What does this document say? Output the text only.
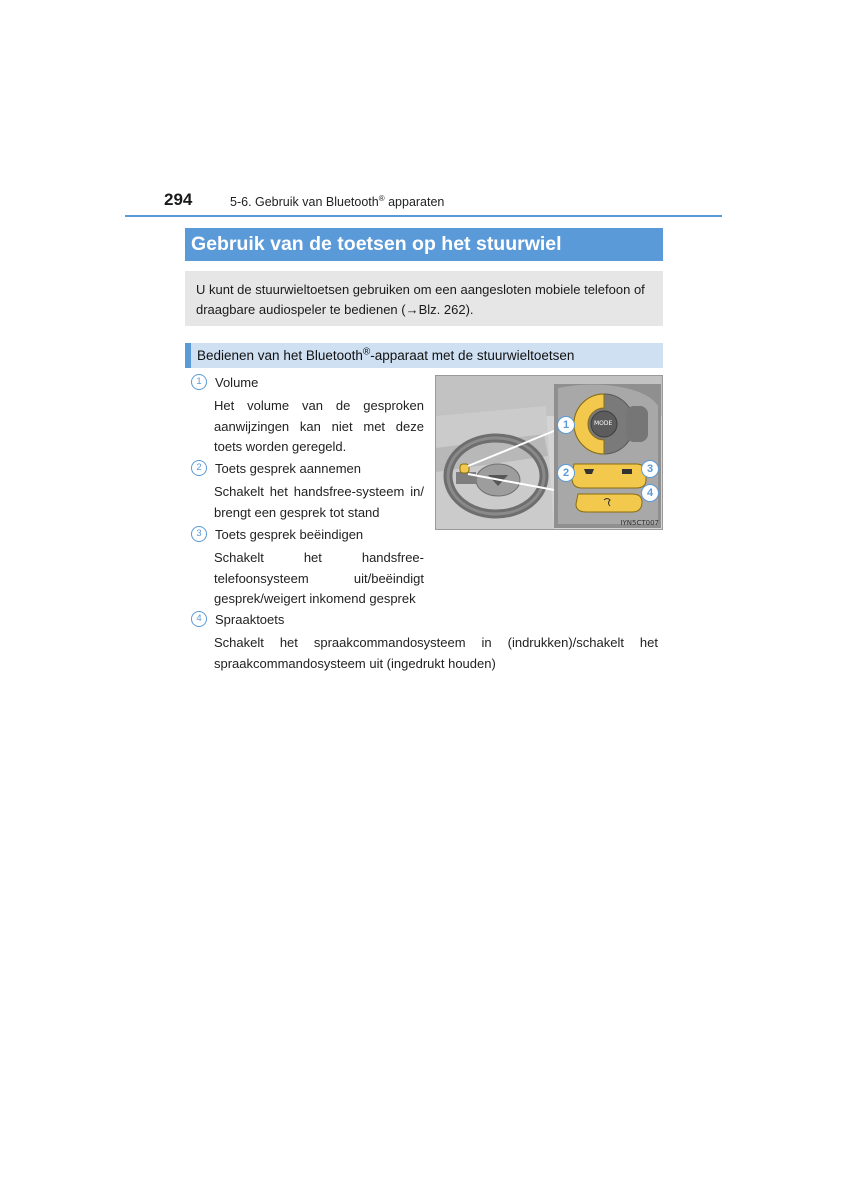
294	5-6. Gebruik van Bluetooth® apparaten
Gebruik van de toetsen op het stuurwiel
U kunt de stuurwieltoetsen gebruiken om een aangesloten mobiele telefoon of draagbare audiospeler te bedienen (→Blz. 262).
Bedienen van het Bluetooth®-apparaat met de stuurwieltoetsen
1	Volume
Het volume van de gesproken aanwijzingen kan niet met deze toets worden geregeld.
2	Toets gesprek aannemen
Schakelt het handsfree-systeem in/ brengt een gesprek tot stand
3	Toets gesprek beëindigen
Schakelt het handsfree-telefoonsysteem uit/beëindigt gesprek/weigert inkomend gesprek
4	Spraaktoets
Schakelt het spraakcommandosysteem in (indrukken)/schakelt het spraakcommandosysteem uit (ingedrukt houden)
1
2	3
4
MODE
IYN5CT007
